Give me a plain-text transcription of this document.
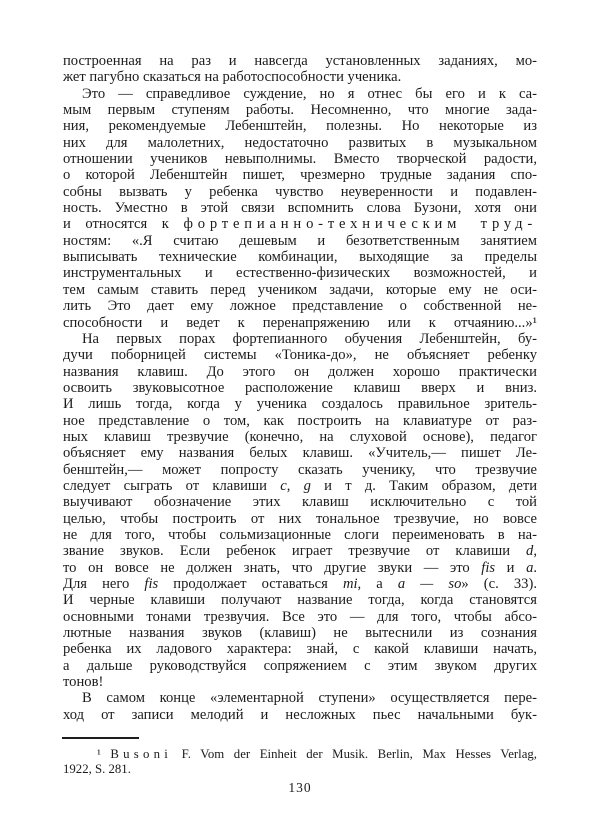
построенная на раз и навсегда установленных заданиях, мо-
жет пагубно сказаться на работоспособности ученика.
Это — справедливое суждение, но я отнес бы его и к са-
мым первым ступеням работы. Несомненно, что многие зада-
ния, рекомендуемые Лебенштейн, полезны. Но некоторые из
них для малолетних, недостаточно развитых в музыкальном
отношении учеников невыполнимы. Вместо творческой радости,
о которой Лебенштейн пишет, чрезмерно трудные задания спо-
собны вызвать у ребенка чувство неуверенности и подавлен-
ность. Уместно в этой связи вспомнить слова Бузони, хотя они
и относятся к фортепианно-техническим труд-
ностям: «.Я считаю дешевым и безответственным занятием
выписывать технические комбинации, выходящие за пределы
инструментальных и естественно-физических возможностей, и
тем самым ставить перед учеником задачи, которые ему не оси-
лить Это дает ему ложное представление о собственной не-
способности и ведет к перенапряжению или к отчаянию...»¹
На первых порах фортепианного обучения Лебенштейн, бу-
дучи поборницей системы «Тоника-до», не объясняет ребенку
названия клавиш. До этого он должен хорошо практически
освоить звуковысотное расположение клавиш вверх и вниз.
И лишь тогда, когда у ученика создалось правильное зритель-
ное представление о том, как построить на клавиатуре от раз-
ных клавиш трезвучие (конечно, на слуховой основе), педагог
объясняет ему названия белых клавиш. «Учитель,— пишет Ле-
бенштейн,— может попросту сказать ученику, что трезвучие
следует сыграть от клавиши c, g и т д. Таким образом, дети
выучивают обозначение этих клавиш исключительно с той
целью, чтобы построить от них тональное трезвучие, но вовсе
не для того, чтобы сольмизационные слоги переименовать в на-
звание звуков. Если ребенок играет трезвучие от клавиши d,
то он вовсе не должен знать, что другие звуки — это fis и a.
Для него fis продолжает оставаться mi, а a — so» (с. 33).
И черные клавиши получают название тогда, когда становятся
основными тонами трезвучия. Все это — для того, чтобы абсо-
лютные названия звуков (клавиш) не вытеснили из сознания
ребенка их ладового характера: знай, с какой клавиши начать,
а дальше руководствуйся сопряжением с этим звуком других
тонов!
В самом конце «элементарной ступени» осуществляется пере-
ход от записи мелодий и несложных пьес начальными бук-
¹ Busoni F. Vom der Einheit der Musik. Berlin, Max Hesses Verlag,
1922, S. 281.
130
